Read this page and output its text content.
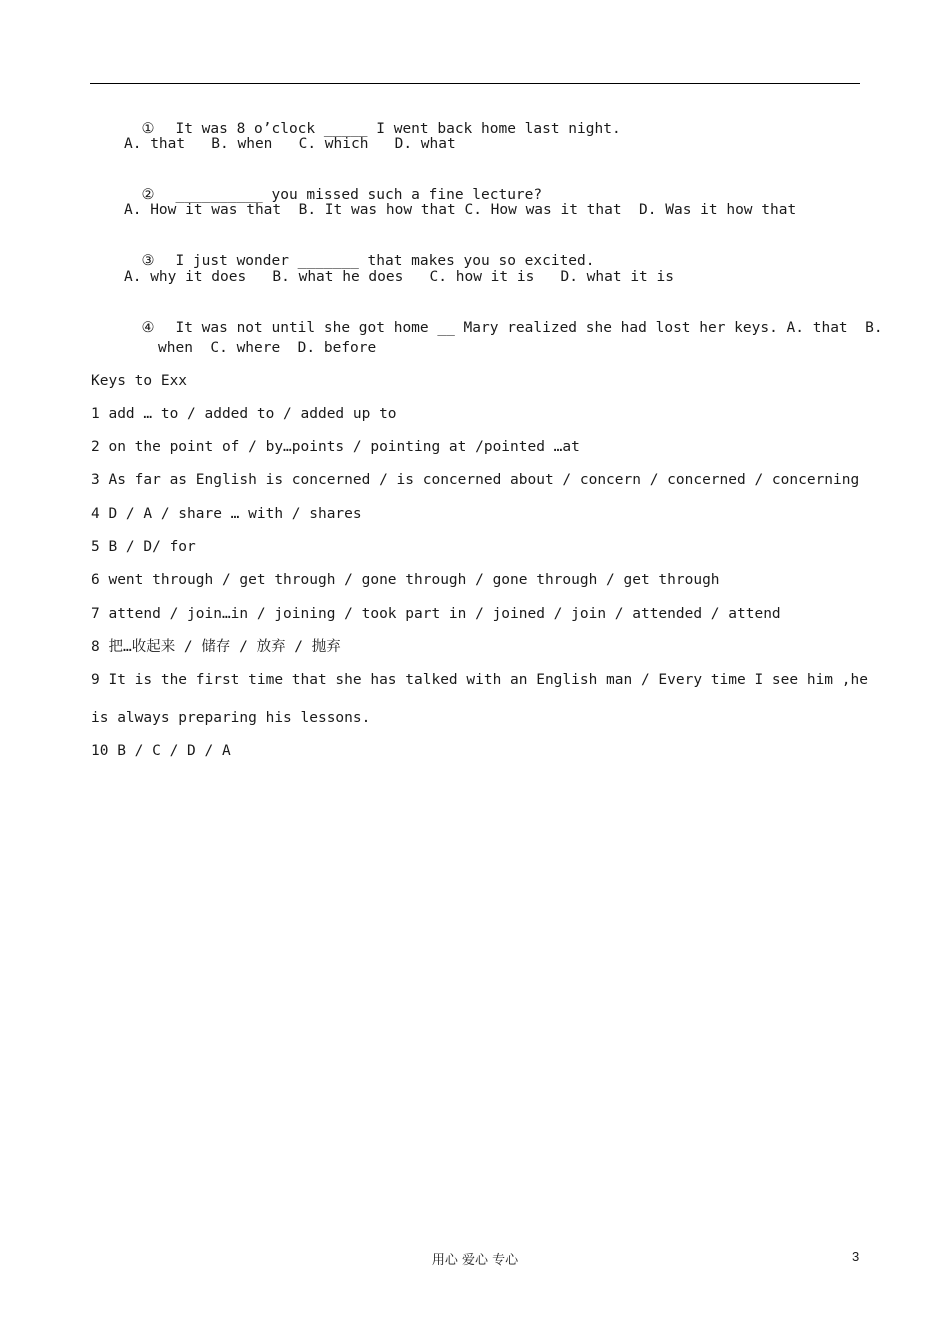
① It was 8 o’clock _____ I went back home last night.

A. that   B. when   C. which   D. what

② __________ you missed such a fine lecture?

A. How it was that  B. It was how that C. How was it that  D. Was it how that

③ I just wonder _______ that makes you so excited.

A. why it does   B. what he does   C. how it is   D. what it is

④ It was not until she got home __ Mary realized she had lost her keys. A. that  B.

when  C. where  D. before
Keys to Exx
1 add … to / added to / added up to
2 on the point of / by…points / pointing at /pointed …at
3 As far as English is concerned / is concerned about / concern / concerned / concerning
4 D / A / share … with / shares
5 B / D/ for
6 went through / get through / gone through / gone through / get through
7 attend / join…in / joining / took part in / joined / join / attended / attend
8 把…收起来 / 储存 / 放弃 / 抛弃
9 It is the first time that she has talked with an English man / Every time I see him ,he
is always preparing his lessons.
10 B / C / D / A
用心 爱心 专心	3
